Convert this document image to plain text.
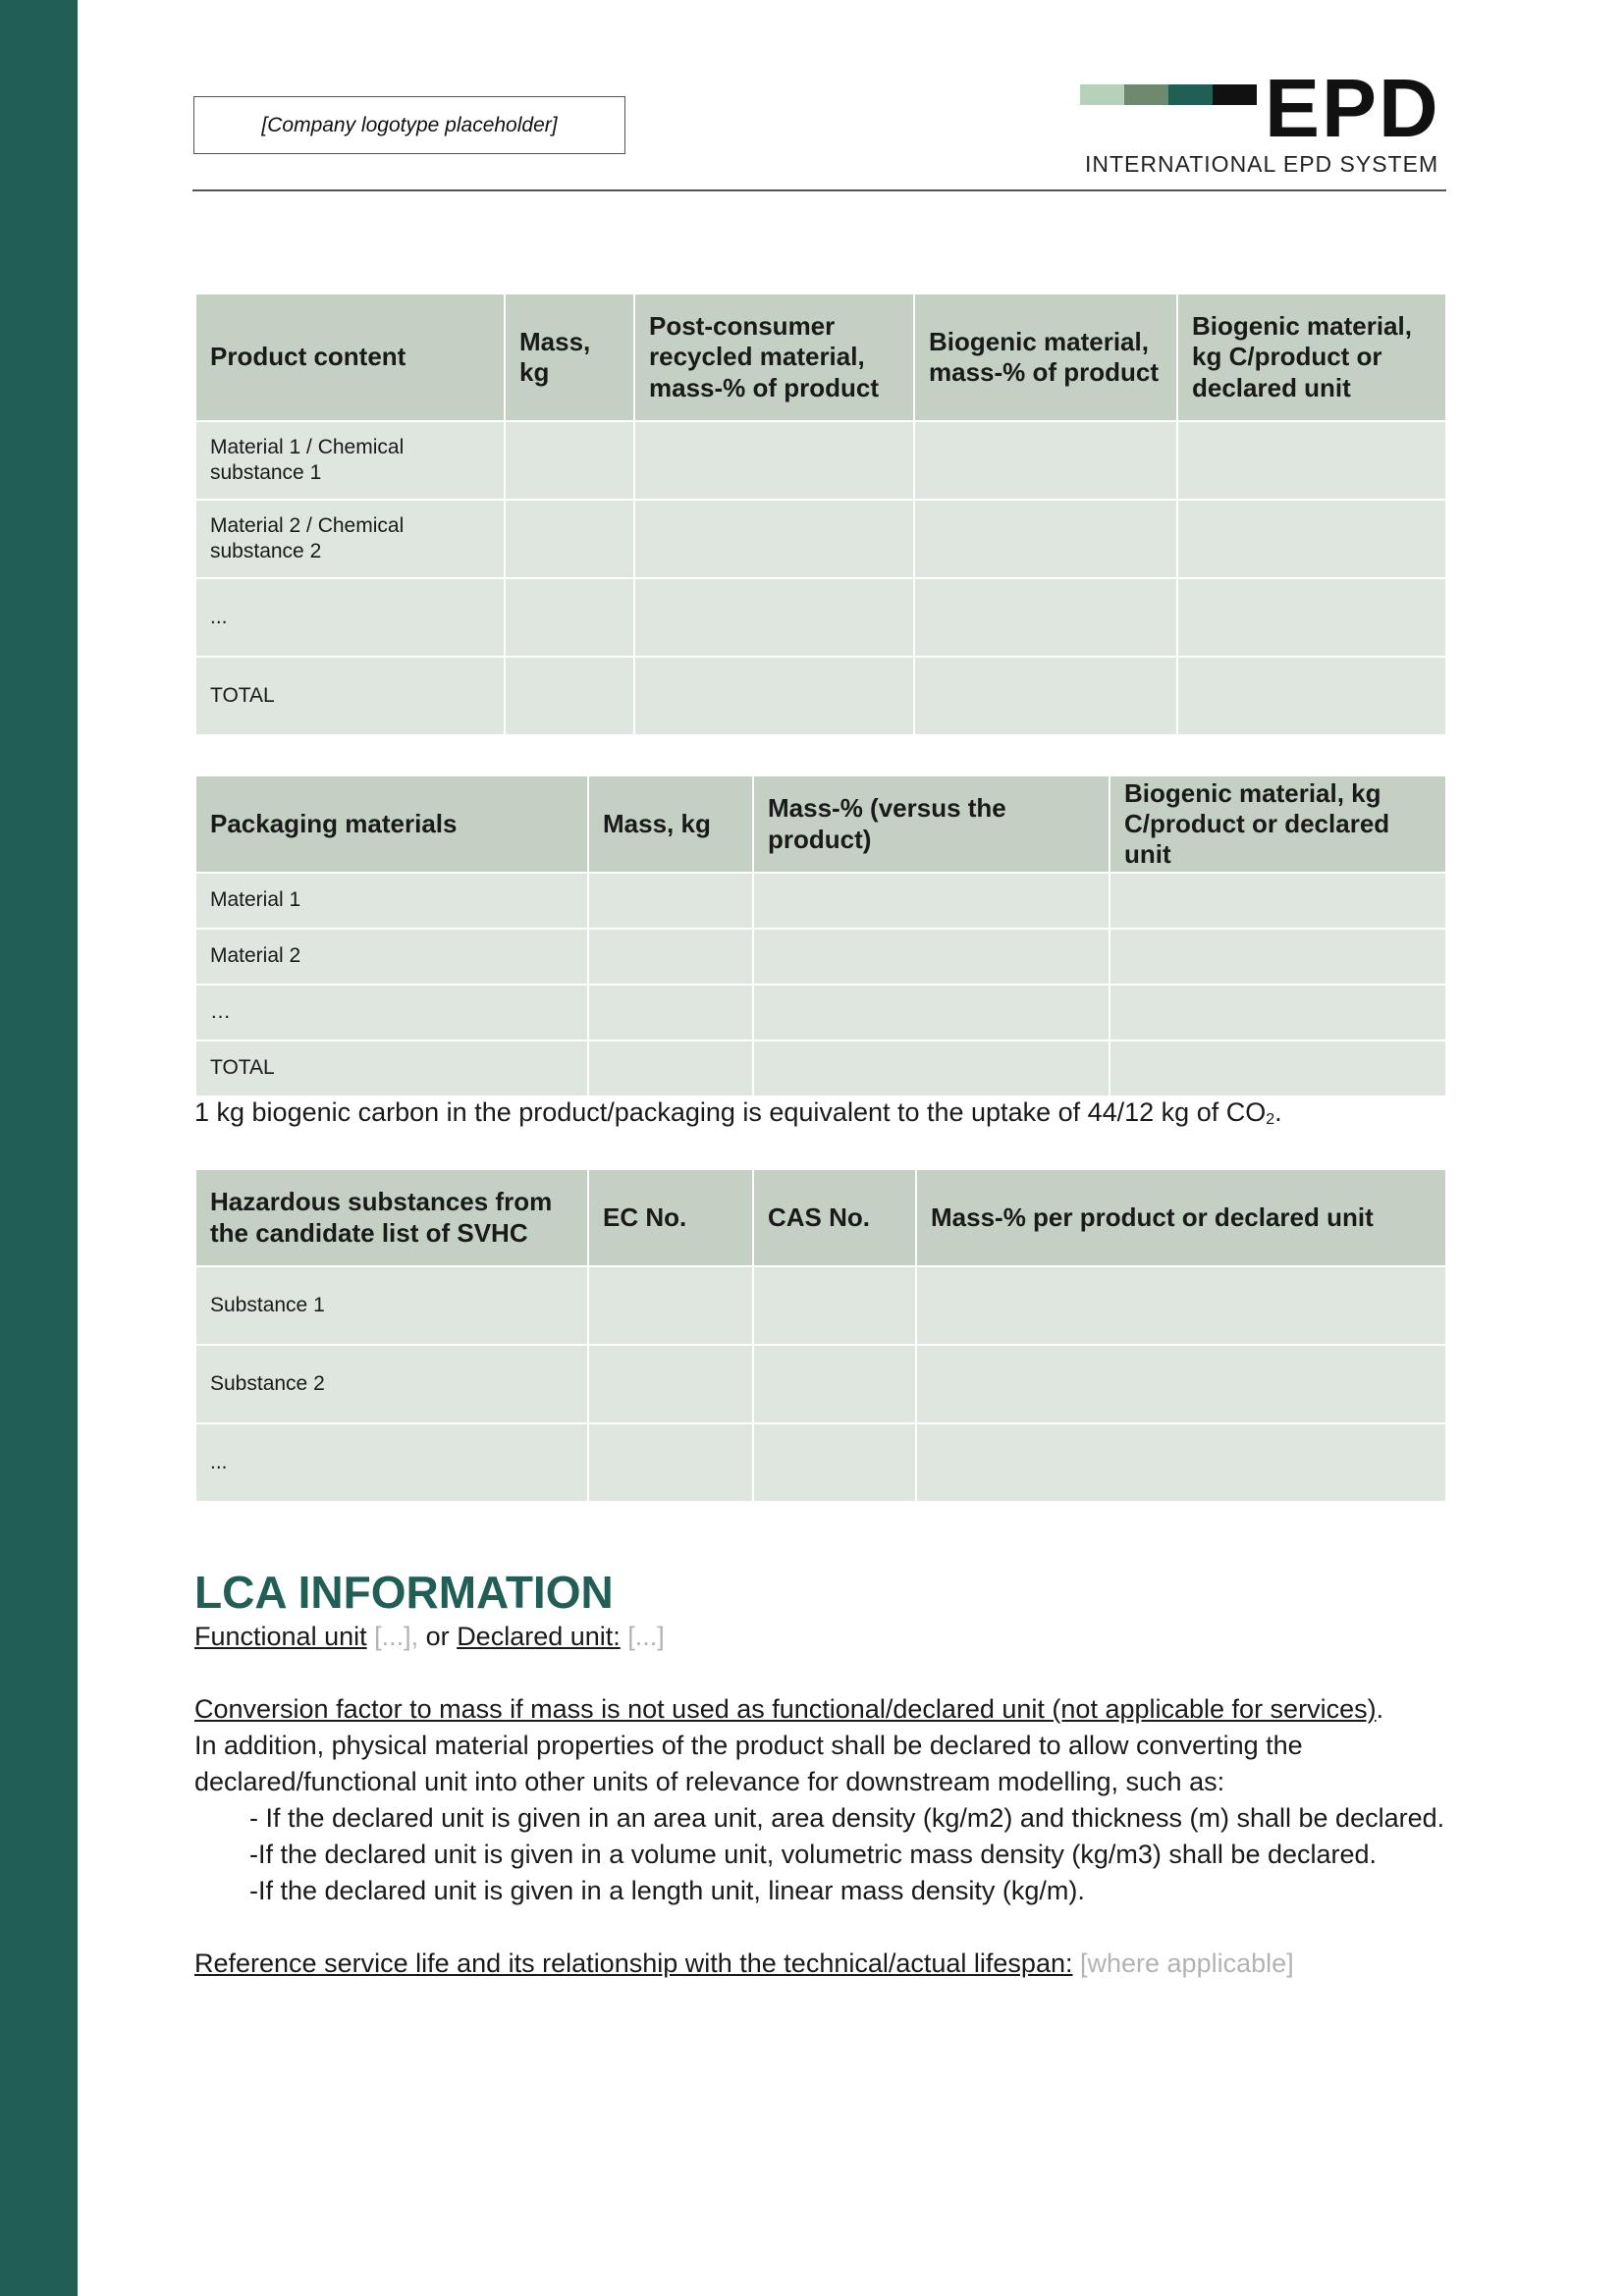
[Company logotype placeholder]	EPD
INTERNATIONAL EPD SYSTEM
Product content	Mass, kg	Post-consumer recycled material, mass-% of product	Biogenic material, mass-% of product	Biogenic material, kg C/product or declared unit
Material 1 / Chemical substance 1				
Material 2 / Chemical substance 2				
...				
TOTAL				
Packaging materials	Mass, kg	Mass-% (versus the product)	Biogenic material, kg C/product or declared unit
Material 1			
Material 2			
…			
TOTAL			
1 kg biogenic carbon in the product/packaging is equivalent to the uptake of 44/12 kg of $CO_2$.
Hazardous substances from the candidate list of SVHC	EC No.	CAS No.	Mass-% per product or declared unit
Substance 1			
Substance 2			
...			
LCA INFORMATION

Functional unit [...], or Declared unit: [...]

Conversion factor to mass if mass is not used as functional/declared unit (not applicable for services).

In addition, physical material properties of the product shall be declared to allow converting the declared/functional unit into other units of relevance for downstream modelling, such as:

- If the declared unit is given in an area unit, area density (kg/m2) and thickness (m) shall be declared.

-If the declared unit is given in a volume unit, volumetric mass density (kg/m3) shall be declared.

-If the declared unit is given in a length unit, linear mass density (kg/m).

Reference service life and its relationship with the technical/actual lifespan: [where applicable]
